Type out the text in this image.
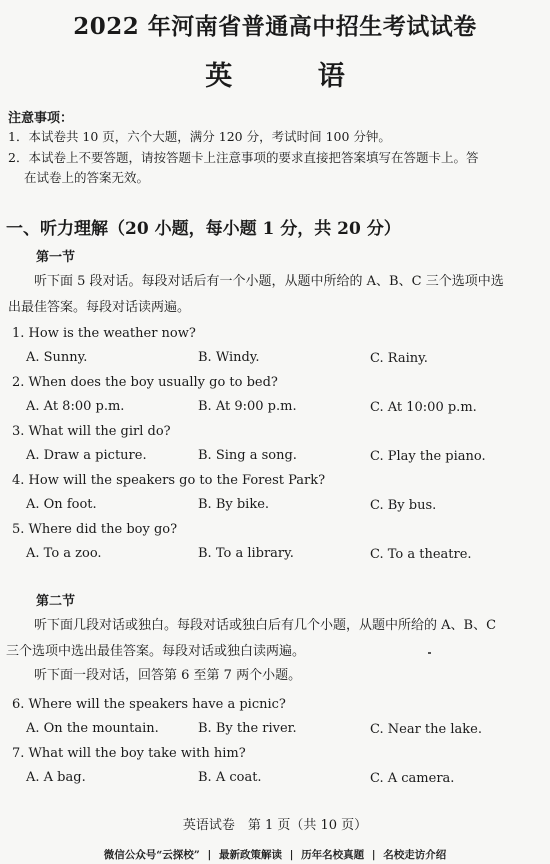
2022 年河南省普通高中招生考试试卷
英 语
注意事项：
1．本试卷共 10 页，六个大题，满分 120 分，考试时间 100 分钟。
2．本试卷上不要答题，请按答题卡上注意事项的要求直接把答案填写在答题卡上。答
在试卷上的答案无效。
一、听力理解（20 小题，每小题 1 分，共 20 分）
第一节
听下面 5 段对话。每段对话后有一个小题，从题中所给的 A、B、C 三个选项中选
出最佳答案。每段对话读两遍。
1. How is the weather now?
A. Sunny.	B. Windy.	C. Rainy.
2. When does the boy usually go to bed?
A. At 8:00 p.m.	B. At 9:00 p.m.	C. At 10:00 p.m.
3. What will the girl do?
A. Draw a picture.	B. Sing a song.	C. Play the piano.
4. How will the speakers go to the Forest Park?
A. On foot.	B. By bike.	C. By bus.
5. Where did the boy go?
A. To a zoo.	B. To a library.	C. To a theatre.
第二节
听下面几段对话或独白。每段对话或独白后有几个小题，从题中所给的 A、B、C
三个选项中选出最佳答案。每段对话或独白读两遍。
听下面一段对话，回答第 6 至第 7 两个小题。
6. Where will the speakers have a picnic?
A. On the mountain.	B. By the river.	C. Near the lake.
7. What will the boy take with him?
A. A bag.	B. A coat.	C. A camera.
英语试卷　第 1 页（共 10 页）
微信公众号“云探校” | 最新政策解读 | 历年名校真题 | 名校走访介绍
